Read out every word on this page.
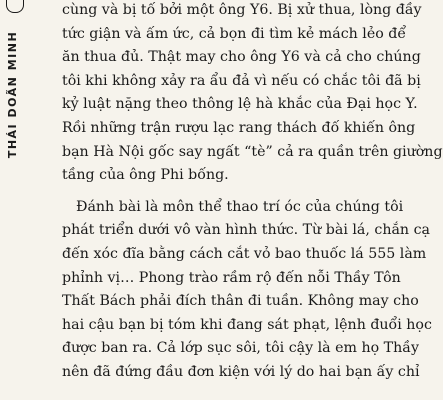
THÁI DOÃN MINH
cùng và bị tố bởi một ông Y6. Bị xử thua, lòng đầy
tức giận và ấm ức, cả bọn đi tìm kẻ mách lẻo để
ăn thua đủ. Thật may cho ông Y6 và cả cho chúng
tôi khi không xảy ra ẩu đả vì nếu có chắc tôi đã bị
kỷ luật nặng theo thông lệ hà khắc của Đại học Y.
Rồi những trận rượu lạc rang thách đố khiến ông
bạn Hà Nội gốc say ngất “tè” cả ra quần trên giường
tầng của ông Phi bống.
Đánh bài là môn thể thao trí óc của chúng tôi
phát triển dưới vô vàn hình thức. Từ bài lá, chắn cạ
đến xóc đĩa bằng cách cắt vỏ bao thuốc lá 555 làm
phỉnh vị… Phong trào rầm rộ đến nỗi Thầy Tôn
Thất Bách phải đích thân đi tuần. Không may cho
hai cậu bạn bị tóm khi đang sát phạt, lệnh đuổi học
được ban ra. Cả lớp sục sôi, tôi cậy là em họ Thầy
nên đã đứng đầu đơn kiện với lý do hai bạn ấy chỉ
